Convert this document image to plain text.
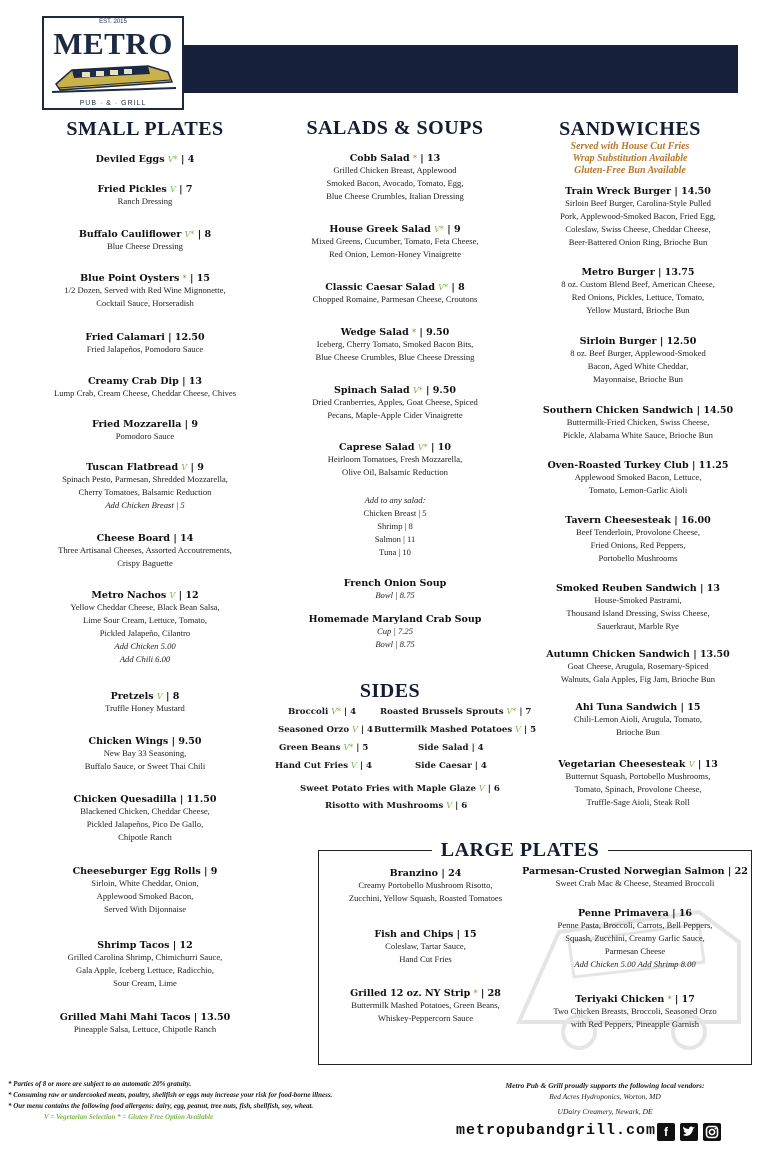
EST. 2015
METRO
PUB · & · GRILL
SMALL PLATES	SALADS & SOUPS	SANDWICHES
Served with House Cut Fries
Wrap Substitution Available
Gluten-Free Bun Available
Deviled Eggs V* | 4
Fried Pickles V | 7
Ranch Dressing
Buffalo Cauliflower V* | 8
Blue Cheese Dressing
Blue Point Oysters * | 15
1/2 Dozen, Served with Red Wine Mignonette,
Cocktail Sauce, Horseradish
Fried Calamari | 12.50
Fried Jalapeños, Pomodoro Sauce
Creamy Crab Dip | 13
Lump Crab, Cream Cheese, Cheddar Cheese, Chives
Fried Mozzarella | 9
Pomodoro Sauce
Tuscan Flatbread V | 9
Spinach Pesto, Parmesan, Shredded Mozzarella,
Cherry Tomatoes, Balsamic Reduction
Add Chicken Breast | 5
Cheese Board | 14
Three Artisanal Cheeses, Assorted Accoutrements,
Crispy Baguette
Metro Nachos V | 12
Yellow Cheddar Cheese, Black Bean Salsa,
Lime Sour Cream, Lettuce, Tomato,
Pickled Jalapeño, Cilantro
Add Chicken 5.00
Add Chili 6.00
Pretzels V | 8
Truffle Honey Mustard
Chicken Wings | 9.50
New Bay 33 Seasoning,
Buffalo Sauce, or Sweet Thai Chili
Chicken Quesadilla | 11.50
Blackened Chicken, Cheddar Cheese,
Pickled Jalapeños, Pico De Gallo,
Chipotle Ranch
Cheeseburger Egg Rolls | 9
Sirloin, White Cheddar, Onion,
Applewood Smoked Bacon,
Served With Dijonnaise
Shrimp Tacos | 12
Grilled Carolina Shrimp, Chimichurri Sauce,
Gala Apple, Iceberg Lettuce, Radicchio,
Sour Cream, Lime
Grilled Mahi Mahi Tacos | 13.50
Pineapple Salsa, Lettuce, Chipotle Ranch
Cobb Salad * | 13
Grilled Chicken Breast, Applewood
Smoked Bacon, Avocado, Tomato, Egg,
Blue Cheese Crumbles, Italian Dressing
House Greek Salad V* | 9
Mixed Greens, Cucumber, Tomato, Feta Cheese,
Red Onion, Lemon-Honey Vinaigrette
Classic Caesar Salad V* | 8
Chopped Romaine, Parmesan Cheese, Croutons
Wedge Salad * | 9.50
Iceberg, Cherry Tomato, Smoked Bacon Bits,
Blue Cheese Crumbles, Blue Cheese Dressing
Spinach Salad V* | 9.50
Dried Cranberries, Apples, Goat Cheese, Spiced
Pecans, Maple-Apple Cider Vinaigrette
Caprese Salad V* | 10
Heirloom Tomatoes, Fresh Mozzarella,
Olive Oil, Balsamic Reduction
Train Wreck Burger | 14.50
Sirloin Beef Burger, Carolina-Style Pulled
Pork, Applewood-Smoked Bacon, Fried Egg,
Coleslaw, Swiss Cheese, Cheddar Cheese,
Beer-Battered Onion Ring, Brioche Bun
Metro Burger | 13.75
8 oz. Custom Blend Beef, American Cheese,
Red Onions, Pickles, Lettuce, Tomato,
Yellow Mustard, Brioche Bun
Sirloin Burger | 12.50
8 oz. Beef Burger, Applewood-Smoked
Bacon, Aged White Cheddar,
Mayonnaise, Brioche Bun
Southern Chicken Sandwich | 14.50
Buttermilk-Fried Chicken, Swiss Cheese,
Pickle, Alabama White Sauce, Brioche Bun
Oven-Roasted Turkey Club | 11.25
Applewood Smoked Bacon, Lettuce,
Tomato, Lemon-Garlic Aioli
Tavern Cheesesteak | 16.00
Beef Tenderloin, Provolone Cheese,
Fried Onions, Red Peppers,
Portobello Mushrooms
Smoked Reuben Sandwich | 13
House-Smoked Pastrami,
Thousand Island Dressing, Swiss Cheese,
Sauerkraut, Marble Rye
Autumn Chicken Sandwich | 13.50
Goat Cheese, Arugula, Rosemary-Spiced
Walnuts, Gala Apples, Fig Jam, Brioche Bun
Ahi Tuna Sandwich | 15
Chili-Lemon Aioli, Arugula, Tomato,
Brioche Bun
Vegetarian Cheesesteak V | 13
Butternut Squash, Portobello Mushrooms,
Tomato, Spinach, Provolone Cheese,
Truffle-Sage Aioli, Steak Roll
Add to any salad:
Chicken Breast | 5
Shrimp | 8
Salmon | 11
Tuna | 10
French Onion Soup
Bowl | 8.75
Homemade Maryland Crab Soup
Cup | 7.25
Bowl | 8.75
SIDES
Broccoli V* | 4	Roasted Brussels Sprouts V* | 7
Seasoned Orzo V | 4 Buttermilk Mashed Potatoes V | 5
Green Beans V* | 5	Side Salad | 4
Hand Cut Fries V | 4	Side Caesar | 4
Sweet Potato Fries with Maple Glaze V | 6
Risotto with Mushrooms V | 6
LARGE PLATES
Branzino | 24
Creamy Portobello Mushroom Risotto,
Zucchini, Yellow Squash, Roasted Tomatoes
Fish and Chips | 15
Coleslaw, Tartar Sauce,
Hand Cut Fries
Grilled 12 oz. NY Strip * | 28
Buttermilk Mashed Potatoes, Green Beans,
Whiskey-Peppercorn Sauce
Parmesan-Crusted Norwegian Salmon | 22
Sweet Crab Mac & Cheese, Steamed Broccoli
Penne Primavera | 16
Penne Pasta, Broccoli, Carrots, Bell Peppers,
Squash, Zucchini, Creamy Garlic Sauce,
Parmesan Cheese
Add Chicken 5.00 Add Shrimp 8.00
Teriyaki Chicken * | 17
Two Chicken Breasts, Broccoli, Seasoned Orzo
with Red Peppers, Pineapple Garnish
* Parties of 8 or more are subject to an automatic 20% gratuity.
* Consuming raw or undercooked meats, poultry, shellfish or eggs may increase your risk for food-borne illness.
* Our menu contains the following food allergens: dairy, egg, peanut, tree nuts, fish, shellfish, soy, wheat.
V = Vegetarian Selection * = Gluten Free Option Available
Metro Pub & Grill proudly supports the following local vendors:
Red Acres Hydroponics, Worton, MD
UDairy Creamery, Newark, DE
metropubandgrill.com f
